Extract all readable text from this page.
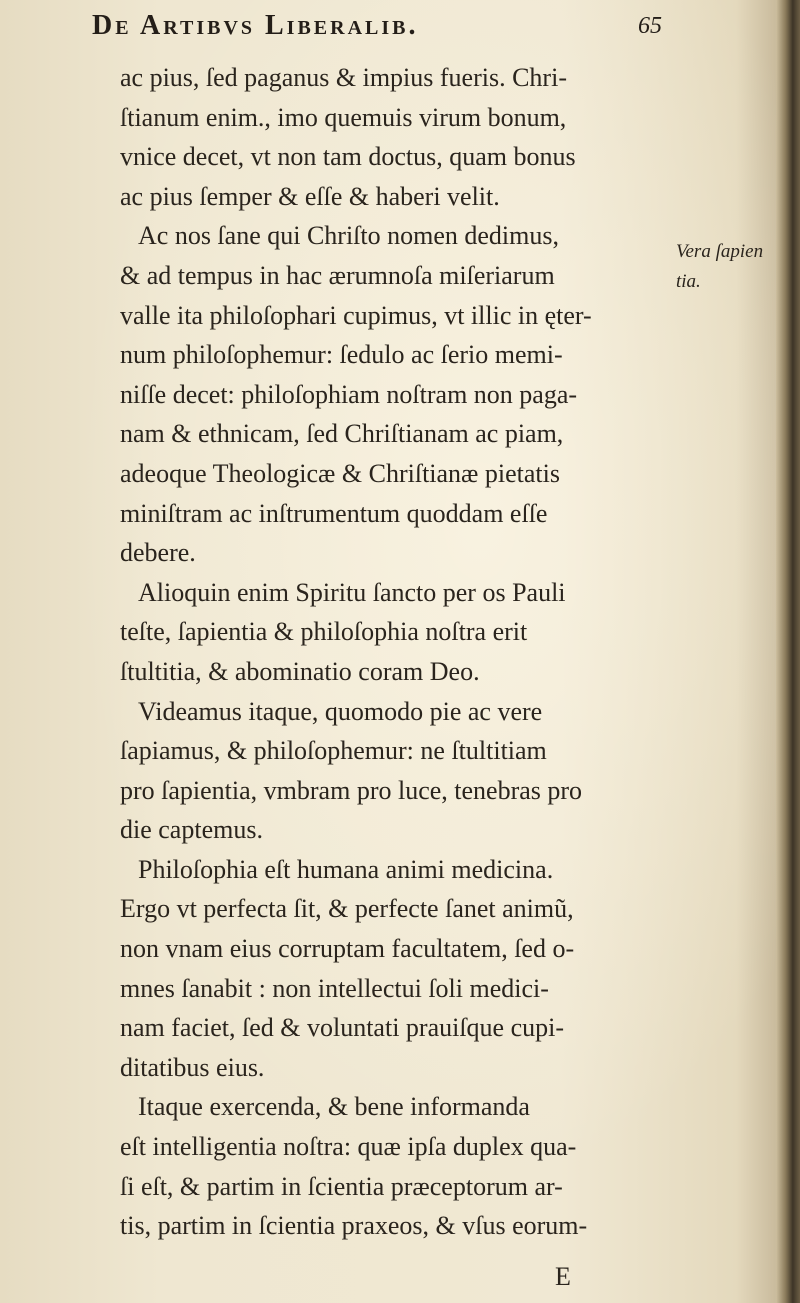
De Artibvs Liberalib.	65
ac pius, ſed paganus & impius fueris. Chri-
ſtianum enim., imo quemuis virum bonum,
vnice decet, vt non tam doctus, quam bonus
ac pius ſemper & eſſe & haberi velit.
Ac nos ſane qui Chriſto nomen dedimus,
& ad tempus in hac ærumnoſa miſeriarum
valle ita philoſophari cupimus, vt illic in ęter-
num philoſophemur: ſedulo ac ſerio memi-
niſſe decet: philoſophiam noſtram non paga-
nam & ethnicam, ſed Chriſtianam ac piam,
adeoque Theologicæ & Chriſtianæ pietatis
miniſtram ac inſtrumentum quoddam eſſe
debere.
Alioquin enim Spiritu ſancto per os Pauli
teſte, ſapientia & philoſophia noſtra erit
ſtultitia, & abominatio coram Deo.
Videamus itaque, quomodo pie ac vere
ſapiamus, & philoſophemur: ne ſtultitiam
pro ſapientia, vmbram pro luce, tenebras pro
die captemus.
Philoſophia eſt humana animi medicina.
Ergo vt perfecta ſit, & perfecte ſanet animũ,
non vnam eius corruptam facultatem, ſed o-
mnes ſanabit : non intellectui ſoli medici-
nam faciet, ſed & voluntati prauiſque cupi-
ditatibus eius.
Itaque exercenda, & bene informanda
eſt intelligentia noſtra: quæ ipſa duplex qua-
ſi eſt, & partim in ſcientia præceptorum ar-
tis, partim in ſcientia praxeos, & vſus eorum-
Vera ſapien
tia.
E
